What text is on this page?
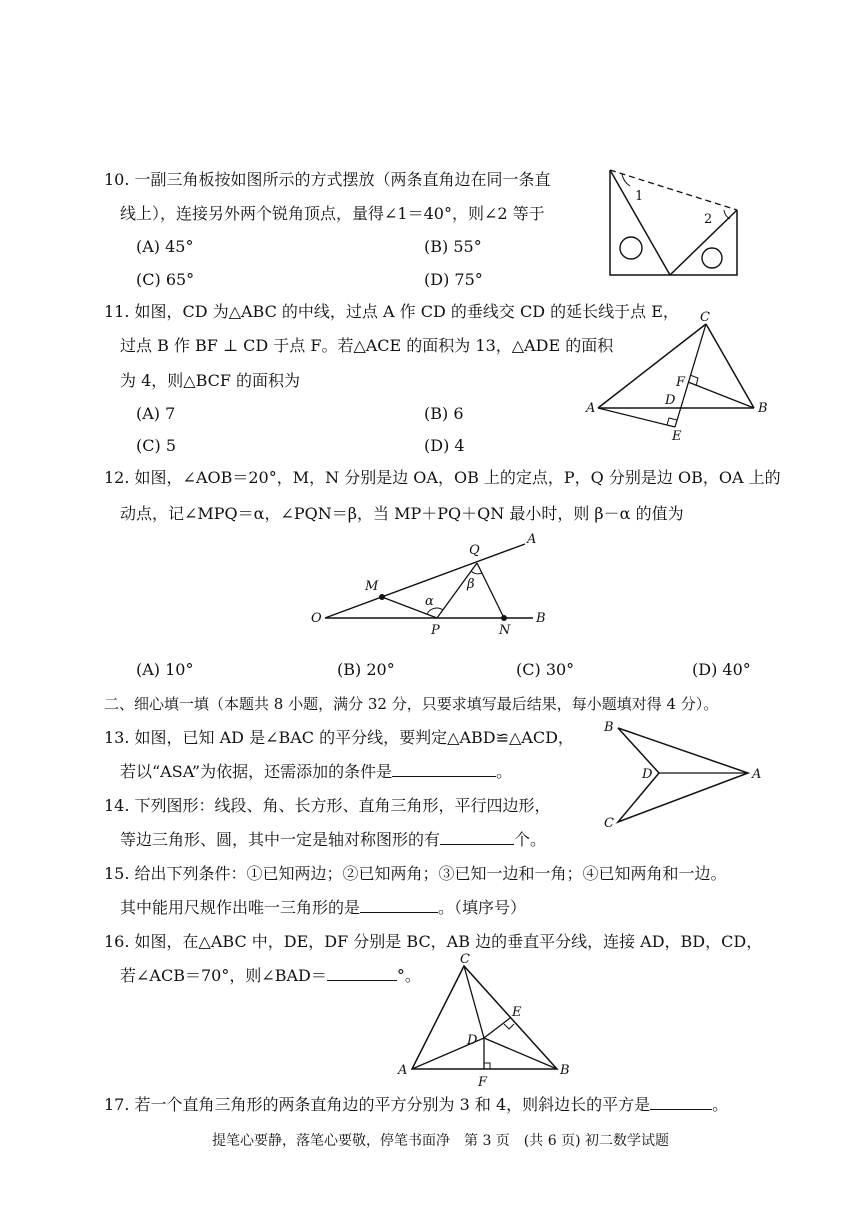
10. 一副三角板按如图所示的方式摆放（两条直角边在同一条直
线上），连接另外两个锐角顶点，量得∠1＝40°，则∠2 等于
(A) 45°	(B) 55°
(C) 65°	(D) 75°
1
2
11. 如图，CD 为△ABC 的中线，过点 A 作 CD 的垂线交 CD 的延长线于点 E，
过点 B 作 BF ⊥ CD 于点 F。若△ACE 的面积为 13，△ADE 的面积
为 4，则△BCF 的面积为
(A) 7	(B) 6
(C) 5	(D) 4
C
F
D
A	B
E
12. 如图，∠AOB＝20°，M，N 分别是边 OA，OB 上的定点，P，Q 分别是边 OB，OA 上的
动点，记∠MPQ＝α，∠PQN＝β，当 MP＋PQ＋QN 最小时，则 β－α 的值为
Q
A
M	β
α
O
P	N
B
(A) 10°	(B) 20°	(C) 30°	(D) 40°
二、细心填一填（本题共 8 小题，满分 32 分，只要求填写最后结果，每小题填对得 4 分）。
13. 如图，已知 AD 是∠BAC 的平分线，要判定△ABD≌△ACD，
若以“ASA”为依据，还需添加的条件是	。
B
D	A
C
14. 下列图形：线段、角、长方形、直角三角形，平行四边形，
等边三角形、圆，其中一定是轴对称图形的有	个。
15. 给出下列条件：①已知两边；②已知两角；③已知一边和一角；④已知两角和一边。
其中能用尺规作出唯一三角形的是	。（填序号）
16. 如图，在△ABC 中，DE，DF 分别是 BC，AB 边的垂直平分线，连接 AD，BD，CD，
若∠ACB＝70°，则∠BAD＝	°。
C
E
D
A	B
F
17. 若一个直角三角形的两条直角边的平方分别为 3 和 4，则斜边长的平方是	。
提笔心要静，落笔心要敬，停笔书面净　第 3 页　(共 6 页) 初二数学试题
